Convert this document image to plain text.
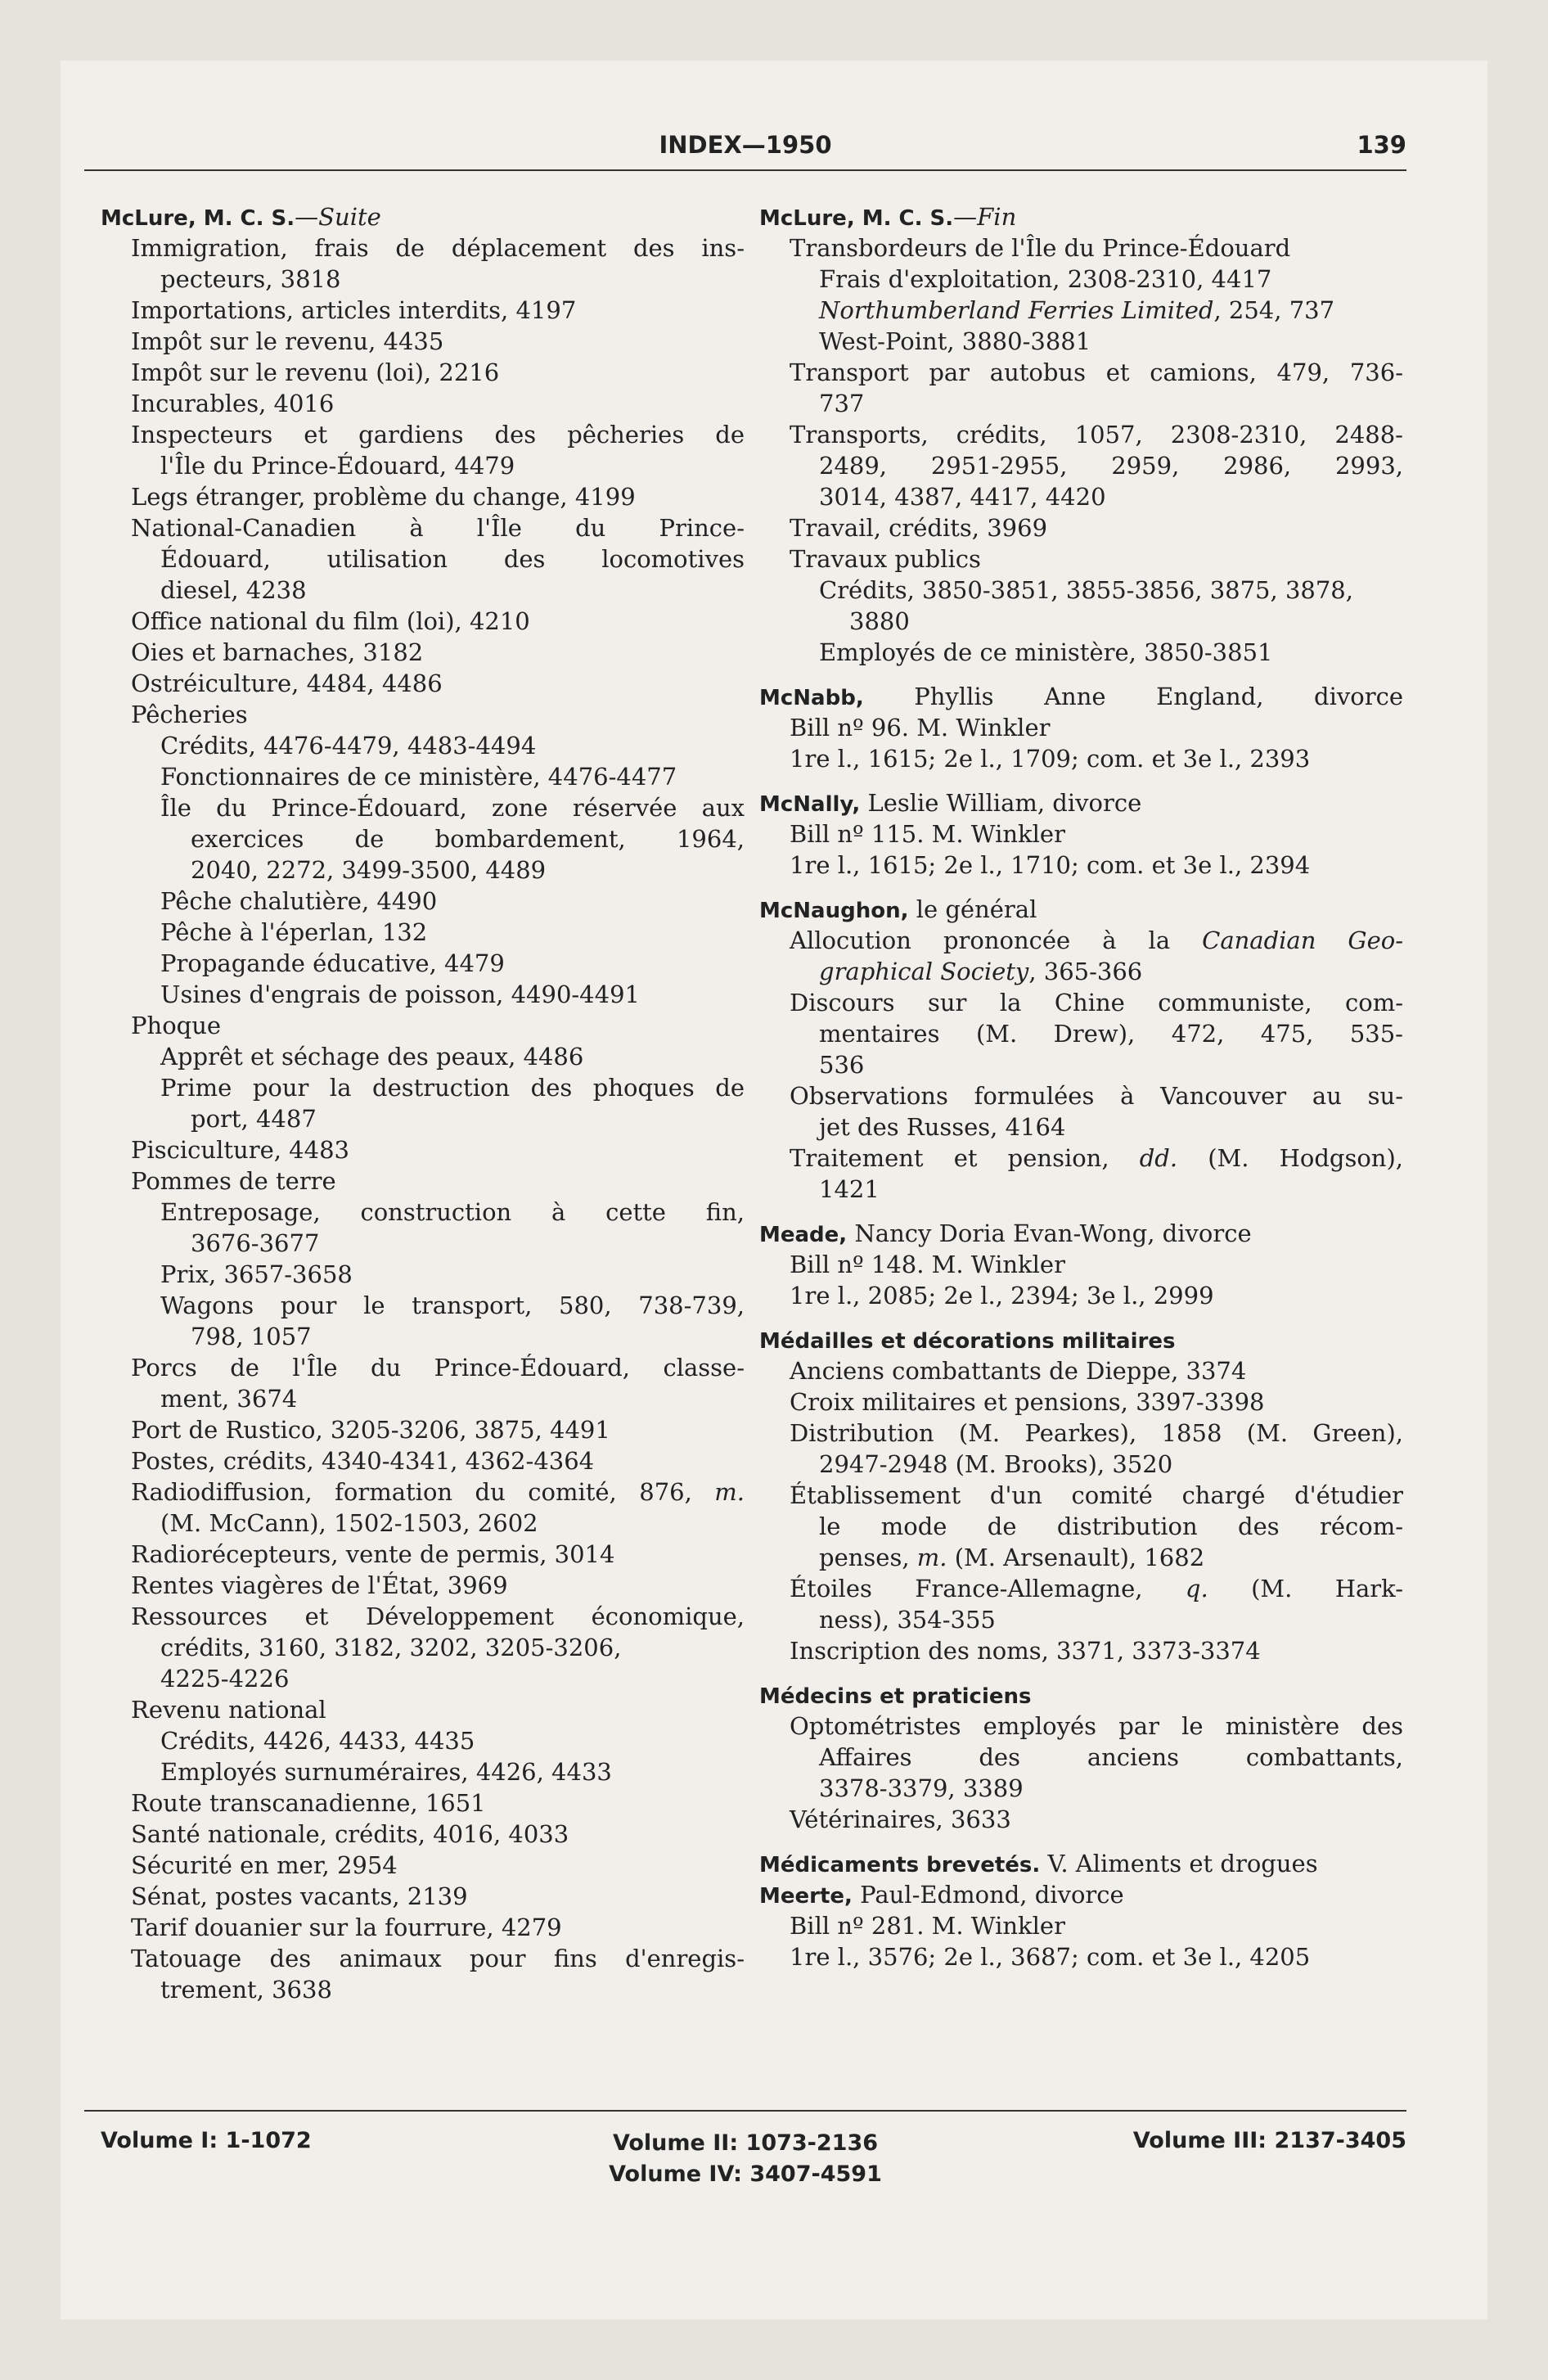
INDEX—1950	139
McLure, M. C. S.—Suite
Immigration, frais de déplacement des ins-
pecteurs, 3818
Importations, articles interdits, 4197
Impôt sur le revenu, 4435
Impôt sur le revenu (loi), 2216
Incurables, 4016
Inspecteurs et gardiens des pêcheries de
l'Île du Prince-Édouard, 4479
Legs étranger, problème du change, 4199
National-Canadien à l'Île du Prince-
Édouard, utilisation des locomotives
diesel, 4238
Office national du film (loi), 4210
Oies et barnaches, 3182
Ostréiculture, 4484, 4486
Pêcheries
Crédits, 4476-4479, 4483-4494
Fonctionnaires de ce ministère, 4476-4477
Île du Prince-Édouard, zone réservée aux
exercices de bombardement, 1964,
2040, 2272, 3499-3500, 4489
Pêche chalutière, 4490
Pêche à l'éperlan, 132
Propagande éducative, 4479
Usines d'engrais de poisson, 4490-4491
Phoque
Apprêt et séchage des peaux, 4486
Prime pour la destruction des phoques de
port, 4487
Pisciculture, 4483
Pommes de terre
Entreposage, construction à cette fin,
3676-3677
Prix, 3657-3658
Wagons pour le transport, 580, 738-739,
798, 1057
Porcs de l'Île du Prince-Édouard, classe-
ment, 3674
Port de Rustico, 3205-3206, 3875, 4491
Postes, crédits, 4340-4341, 4362-4364
Radiodiffusion, formation du comité, 876, m.
(M. McCann), 1502-1503, 2602
Radiorécepteurs, vente de permis, 3014
Rentes viagères de l'État, 3969
Ressources et Développement économique,
crédits, 3160, 3182, 3202, 3205-3206,
4225-4226
Revenu national
Crédits, 4426, 4433, 4435
Employés surnuméraires, 4426, 4433
Route transcanadienne, 1651
Santé nationale, crédits, 4016, 4033
Sécurité en mer, 2954
Sénat, postes vacants, 2139
Tarif douanier sur la fourrure, 4279
Tatouage des animaux pour fins d'enregis-
trement, 3638
McLure, M. C. S.—Fin
Transbordeurs de l'Île du Prince-Édouard
Frais d'exploitation, 2308-2310, 4417
Northumberland Ferries Limited, 254, 737
West-Point, 3880-3881
Transport par autobus et camions, 479, 736-
737
Transports, crédits, 1057, 2308-2310, 2488-
2489, 2951-2955, 2959, 2986, 2993,
3014, 4387, 4417, 4420
Travail, crédits, 3969
Travaux publics
Crédits, 3850-3851, 3855-3856, 3875, 3878,
3880
Employés de ce ministère, 3850-3851
McNabb, Phyllis Anne England, divorce
Bill nº 96. M. Winkler
1re l., 1615; 2e l., 1709; com. et 3e l., 2393
McNally, Leslie William, divorce
Bill nº 115. M. Winkler
1re l., 1615; 2e l., 1710; com. et 3e l., 2394
McNaughon, le général
Allocution prononcée à la Canadian Geo-
graphical Society, 365-366
Discours sur la Chine communiste, com-
mentaires (M. Drew), 472, 475, 535-
536
Observations formulées à Vancouver au su-
jet des Russes, 4164
Traitement et pension, dd. (M. Hodgson),
1421
Meade, Nancy Doria Evan-Wong, divorce
Bill nº 148. M. Winkler
1re l., 2085; 2e l., 2394; 3e l., 2999
Médailles et décorations militaires
Anciens combattants de Dieppe, 3374
Croix militaires et pensions, 3397-3398
Distribution (M. Pearkes), 1858 (M. Green),
2947-2948 (M. Brooks), 3520
Établissement d'un comité chargé d'étudier
le mode de distribution des récom-
penses, m. (M. Arsenault), 1682
Étoiles France-Allemagne, q. (M. Hark-
ness), 354-355
Inscription des noms, 3371, 3373-3374
Médecins et praticiens
Optométristes employés par le ministère des
Affaires des anciens combattants,
3378-3379, 3389
Vétérinaires, 3633
Médicaments brevetés. V. Aliments et drogues
Meerte, Paul-Edmond, divorce
Bill nº 281. M. Winkler
1re l., 3576; 2e l., 3687; com. et 3e l., 4205
Volume I: 1-1072	Volume II: 1073-2136
Volume IV: 3407-4591
Volume III: 2137-3405
